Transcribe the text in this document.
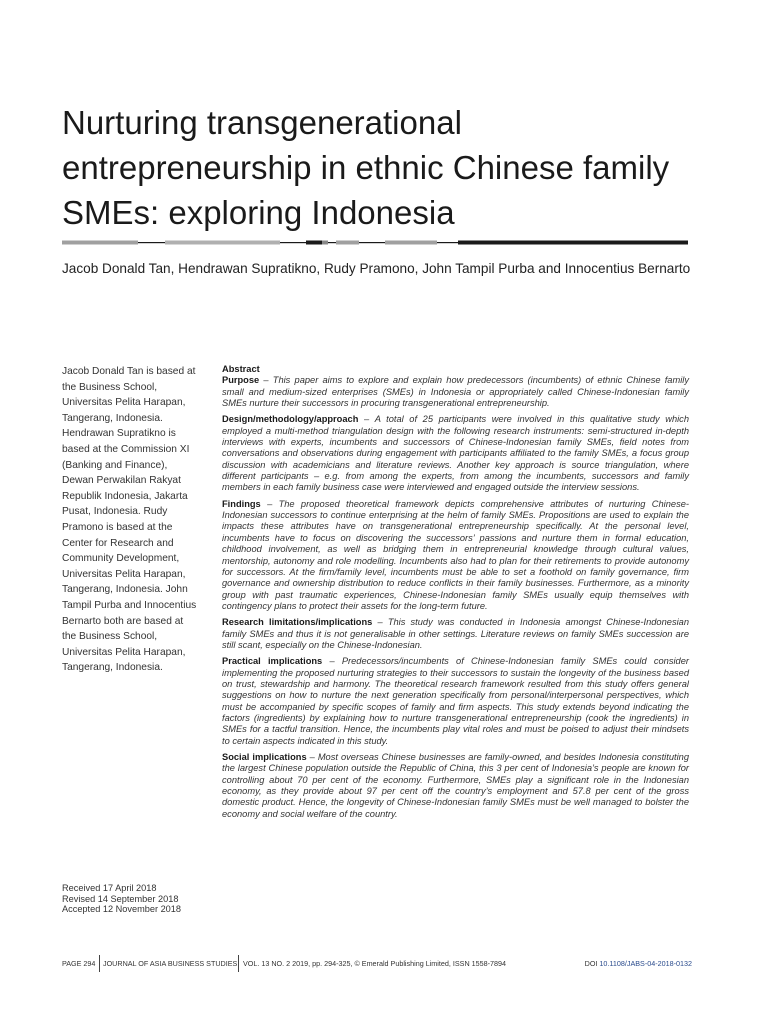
Nurturing transgenerational entrepreneurship in ethnic Chinese family SMEs: exploring Indonesia
Jacob Donald Tan, Hendrawan Supratikno, Rudy Pramono, John Tampil Purba and Innocentius Bernarto
Jacob Donald Tan is based at the Business School, Universitas Pelita Harapan, Tangerang, Indonesia. Hendrawan Supratikno is based at the Commission XI (Banking and Finance), Dewan Perwakilan Rakyat Republik Indonesia, Jakarta Pusat, Indonesia. Rudy Pramono is based at the Center for Research and Community Development, Universitas Pelita Harapan, Tangerang, Indonesia. John Tampil Purba and Innocentius Bernarto both are based at the Business School, Universitas Pelita Harapan, Tangerang, Indonesia.
Received 17 April 2018
Revised 14 September 2018
Accepted 12 November 2018
Abstract

Purpose – This paper aims to explore and explain how predecessors (incumbents) of ethnic Chinese family small and medium-sized enterprises (SMEs) in Indonesia or appropriately called Chinese-Indonesian family SMEs nurture their successors in procuring transgenerational entrepreneurship.

Design/methodology/approach – A total of 25 participants were involved in this qualitative study which employed a multi-method triangulation design with the following research instruments: semi-structured in-depth interviews with experts, incumbents and successors of Chinese-Indonesian family SMEs, field notes from conversations and observations during engagement with participants affiliated to the family SMEs, a focus group discussion with academicians and literature reviews. Another key approach is source triangulation, where different participants – e.g. from among the experts, from among the incumbents, successors and family members in each family business case were interviewed and engaged outside the interview sessions.

Findings – The proposed theoretical framework depicts comprehensive attributes of nurturing Chinese-Indonesian successors to continue enterprising at the helm of family SMEs. Propositions are used to explain the impacts these attributes have on transgenerational entrepreneurship specifically. At the personal level, incumbents have to focus on discovering the successors’ passions and nurture them in formal education, childhood involvement, as well as bridging them in entrepreneurial knowledge through cultural values, mentorship, autonomy and role modelling. Incumbents also had to plan for their retirements to provide autonomy for successors. At the firm/family level, incumbents must be able to set a foothold on family governance, firm governance and ownership distribution to reduce conflicts in their family businesses. Furthermore, as a minority group with past traumatic experiences, Chinese-Indonesian family SMEs usually equip themselves with contingency plans to protect their assets for the long-term future.

Research limitations/implications – This study was conducted in Indonesia amongst Chinese-Indonesian family SMEs and thus it is not generalisable in other settings. Literature reviews on family SMEs succession are still scant, especially on the Chinese-Indonesian.

Practical implications – Predecessors/incumbents of Chinese-Indonesian family SMEs could consider implementing the proposed nurturing strategies to their successors to sustain the longevity of the business based on trust, stewardship and harmony. The theoretical research framework resulted from this study offers general suggestions on how to nurture the next generation specifically from personal/interpersonal perspectives, which must be accompanied by specific scopes of family and firm aspects. This study extends beyond indicating the factors (ingredients) by explaining how to nurture transgenerational entrepreneurship (cook the ingredients) in SMEs for a tactful transition. Hence, the incumbents play vital roles and must be poised to adjust their mindsets to certain aspects indicated in this study.

Social implications – Most overseas Chinese businesses are family-owned, and besides Indonesia constituting the largest Chinese population outside the Republic of China, this 3 per cent of Indonesia’s people are known for controlling about 70 per cent of the economy. Furthermore, SMEs play a significant role in the Indonesian economy, as they provide about 97 per cent off the country’s employment and 57.8 per cent of the gross domestic product. Hence, the longevity of Chinese-Indonesian family SMEs must be well managed to bolster the economy and social welfare of the country.

PAGE 294 JOURNAL OF ASIA BUSINESS STUDIES VOL. 13 NO. 2 2019, pp. 294-325, © Emerald Publishing Limited, ISSN 1558-7894	DOI 10.1108/JABS-04-2018-0132
